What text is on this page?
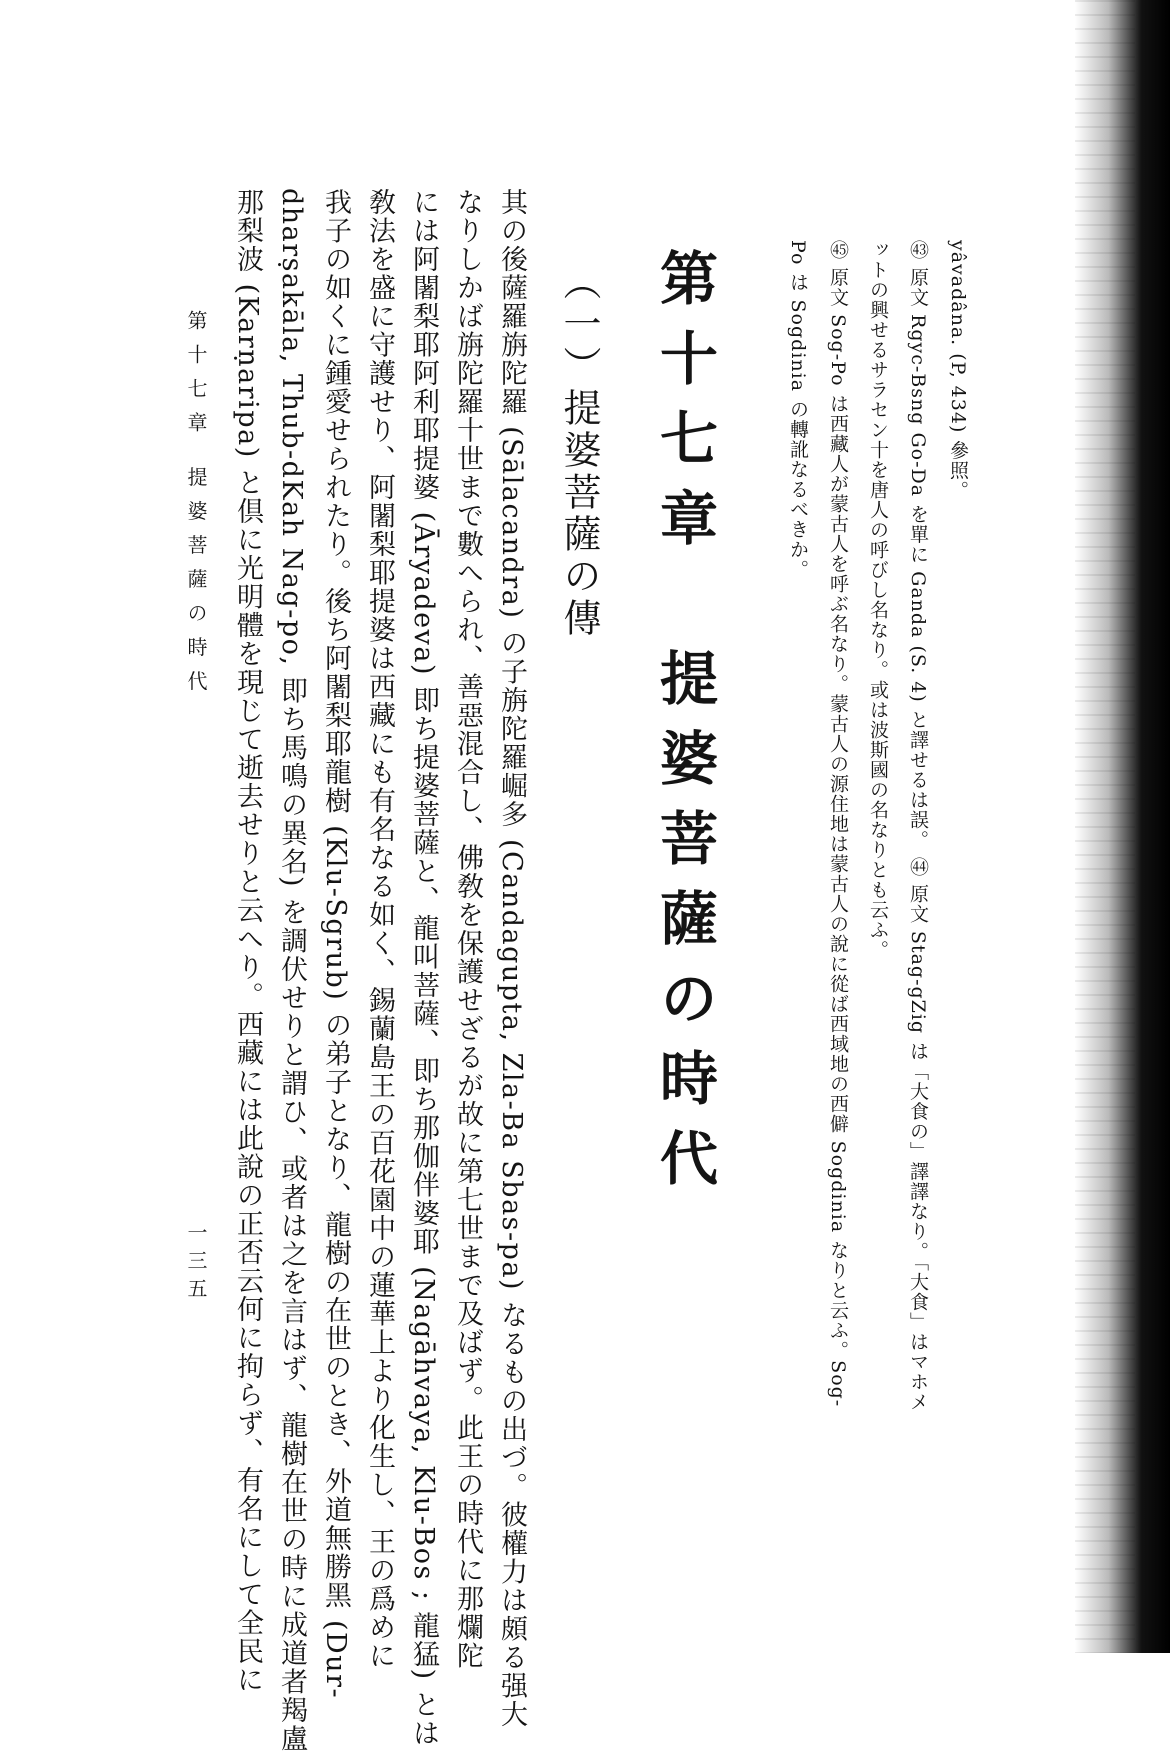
yâvadâna. (P, 434) 參照。
㊸ 原文 Rgyc-Bsng Go-Da を單に Ganda (S. 4) と譯せるは誤。 ㊹ 原文 Stag-gZig は「大食の」譯譯なり。「大食」はマホメ
ットの興せるサラセン⼗を唐人の呼びし名なり。或は波斯國の名なりとも云ふ。
㊺ 原文 Sog-Po は西藏人が蒙古人を呼ぶ名なり。蒙古人の源住地は蒙古人の說に從ば西域地の西僻 Sogdinia なりと云ふ。Sog-
Po は Sogdinia の轉訛なるべきか。
第十七章　提婆菩薩の時代
（一）提婆菩薩の傳
其の後薩羅旃陀羅 (Sālacandra) の子旃陀羅崛多 (Candagupta, Zla-Ba Sbas-pa) なるもの出づ。彼權力は頗る强大
なりしかば旃陀羅十世まで數へられ、善惡混合し、佛敎を保護せざるが故に第七世まで及ばず。此王の時代に那爛陀
には阿闍梨耶阿利耶提婆 (Āryadeva) 即ち提婆菩薩と、龍叫菩薩、即ち那伽伴婆耶 (Nagāhvaya, Klu-Bos ; 龍猛) とは
敎法を盛に守護せり、阿闍梨耶提婆は西藏にも有名なる如く、錫蘭島王の百花園中の蓮華上より化生し、王の爲めに
我子の如くに鍾愛せられたり。後ち阿闍梨耶龍樹 (Klu-Sgrub) の弟子となり、龍樹の在世のとき、外道無勝黑 (Dur-
dharṣakāla, Thub-dKah Nag-po, 即ち馬鳴の異名) を調伏せりと謂ひ、或者は之を言はず、龍樹在世の時に成道者羯盧
那梨波 (Karṇaripa) と倶に光明體を現じて逝去せりと云へり。西藏には此說の正否云何に拘らず、有名にして全民に
第十七章 提婆菩薩の時代
一三五
